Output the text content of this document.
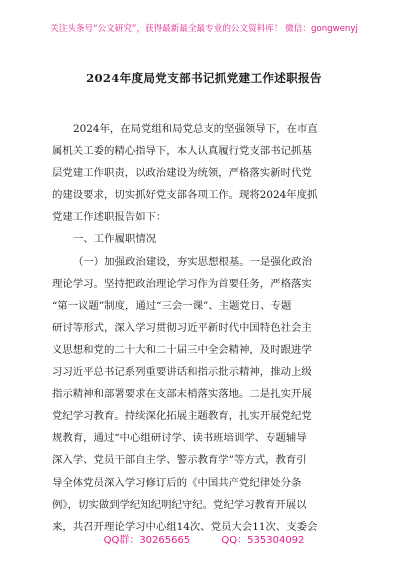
关注头条号“公文研究”，获得最新最全最专业的公文资料库！ 微信：gongwenyj
2024年度局党支部书记抓党建工作述职报告
2024年，在局党组和局党总支的坚强领导下，在市直
属机关工委的精心指导下，本人认真履行党支部书记抓基
层党建工作职责，以政治建设为统领，严格落实新时代党
的建设要求，切实抓好党支部各项工作。现将2024年度抓
党建工作述职报告如下：
一、工作履职情况
（一）加强政治建设，夯实思想根基。一是强化政治
理论学习。坚持把政治理论学习作为首要任务，严格落实
“第一议题”制度，通过“三会一课”、主题党日、专题
研讨等形式，深入学习贯彻习近平新时代中国特色社会主
义思想和党的二十大和二十届三中全会精神，及时跟进学
习习近平总书记系列重要讲话和指示批示精神，推动上级
指示精神和部署要求在支部末梢落实落地。二是扎实开展
党纪学习教育。持续深化拓展主题教育，扎实开展党纪党
规教育，通过“中心组研讨学、读书班培训学、专题辅导
深入学、党员干部自主学、警示教育学”等方式，教育引
导全体党员深入学习修订后的《中国共产党纪律处分条
例》，切实做到学纪知纪明纪守纪。党纪学习教育开展以
来，共召开理论学习中心组14次、党员大会11次、支委会
QQ群：30265665	QQ：535304092
